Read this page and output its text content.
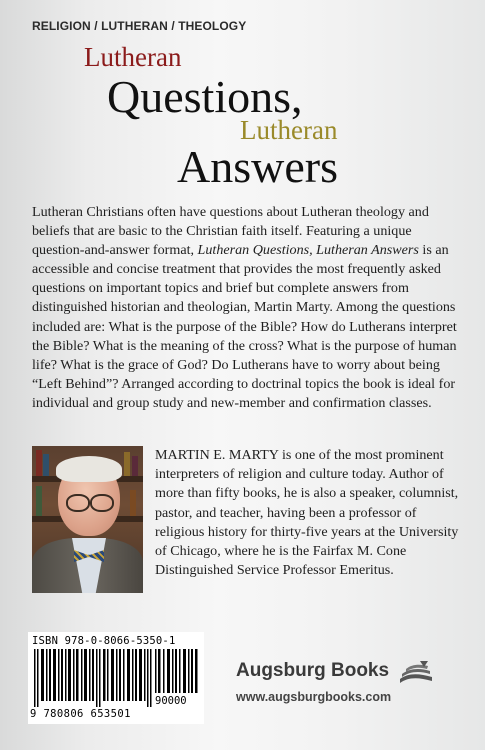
RELIGION / LUTHERAN / THEOLOGY
Lutheran
Questions,
Lutheran
Answers

Lutheran Christians often have questions about Lutheran theology and beliefs that are basic to the Christian faith itself. Featuring a unique question-and-answer format, Lutheran Questions, Lutheran Answers is an accessible and concise treatment that provides the most frequently asked questions on important topics and brief but complete answers from distinguished historian and theologian, Martin Marty. Among the questions included are: What is the purpose of the Bible? How do Lutherans interpret the Bible? What is the meaning of the cross? What is the purpose of human life? What is the grace of God? Do Lutherans have to worry about being “Left Behind”? Arranged according to doctrinal topics the book is ideal for individual and group study and new-member and confirmation classes.

MARTIN E. MARTY is one of the most prominent interpreters of religion and culture today. Author of more than fifty books, he is also a speaker, columnist, pastor, and teacher, having been a professor of religious history for thirty-five years at the University of Chicago, where he is the Fairfax M. Cone Distinguished Service Professor Emeritus.

ISBN 978-0-8066-5350-1
90000
9 780806 653501
Augsburg Books
www.augsburgbooks.com
